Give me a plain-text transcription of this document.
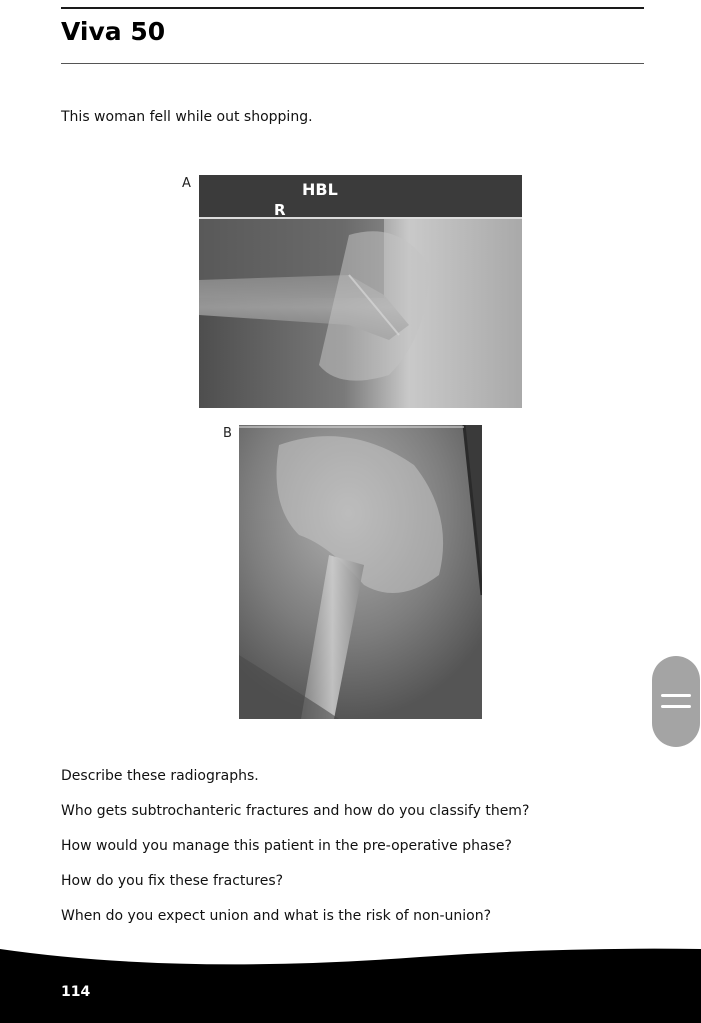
Viva 50
This woman fell while out shopping.
A	HBL
R
B
Describe these radiographs.
Who gets subtrochanteric fractures and how do you classify them?
How would you manage this patient in the pre-operative phase?
How do you fix these fractures?
When do you expect union and what is the risk of non-union?
114
